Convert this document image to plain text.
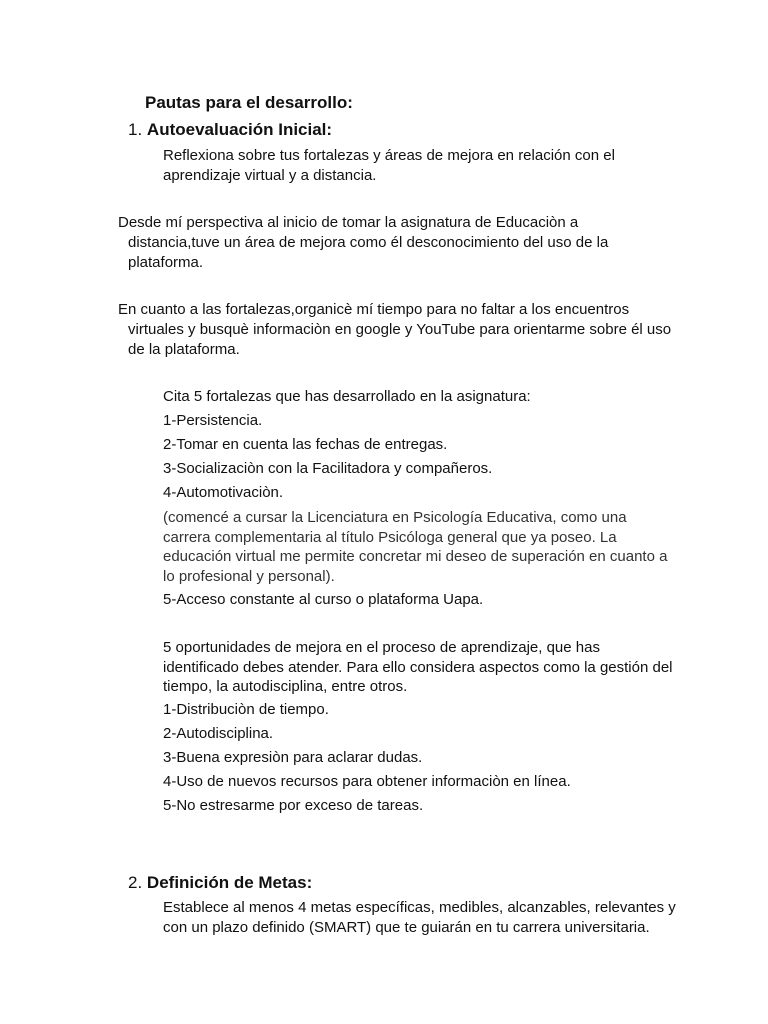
Pautas para el desarrollo:

1. Autoevaluación Inicial:

Reflexiona sobre tus fortalezas y áreas de mejora en relación con el aprendizaje virtual y a distancia.

Desde mí perspectiva al inicio de tomar la asignatura de Educaciòn a distancia,tuve un área de mejora como él desconocimiento del uso de la plataforma.

En cuanto a las fortalezas,organicè mí tiempo para no faltar a los encuentros virtuales y busquè informaciòn en google y YouTube para orientarme sobre él uso de la plataforma.

Cita 5 fortalezas que has desarrollado en la asignatura:

1-Persistencia.

2-Tomar en cuenta las fechas de entregas.

3-Socializaciòn con la Facilitadora y compañeros.

4-Automotivaciòn.

(comencé a cursar la Licenciatura en Psicología Educativa, como una carrera complementaria al título Psicóloga general que ya poseo. La educación virtual me permite concretar mi deseo de superación en cuanto a lo profesional y personal).

5-Acceso constante al curso o plataforma Uapa.

5 oportunidades de mejora en el proceso de aprendizaje, que has identificado debes atender. Para ello considera aspectos como la gestión del tiempo, la autodisciplina, entre otros.

1-Distribuciòn de tiempo.

2-Autodisciplina.

3-Buena expresiòn para aclarar dudas.

4-Uso de nuevos recursos para obtener informaciòn en línea.

5-No estresarme por exceso de tareas.

2. Definición de Metas:

Establece al menos 4 metas específicas, medibles, alcanzables, relevantes y con un plazo definido (SMART) que te guiarán en tu carrera universitaria.
